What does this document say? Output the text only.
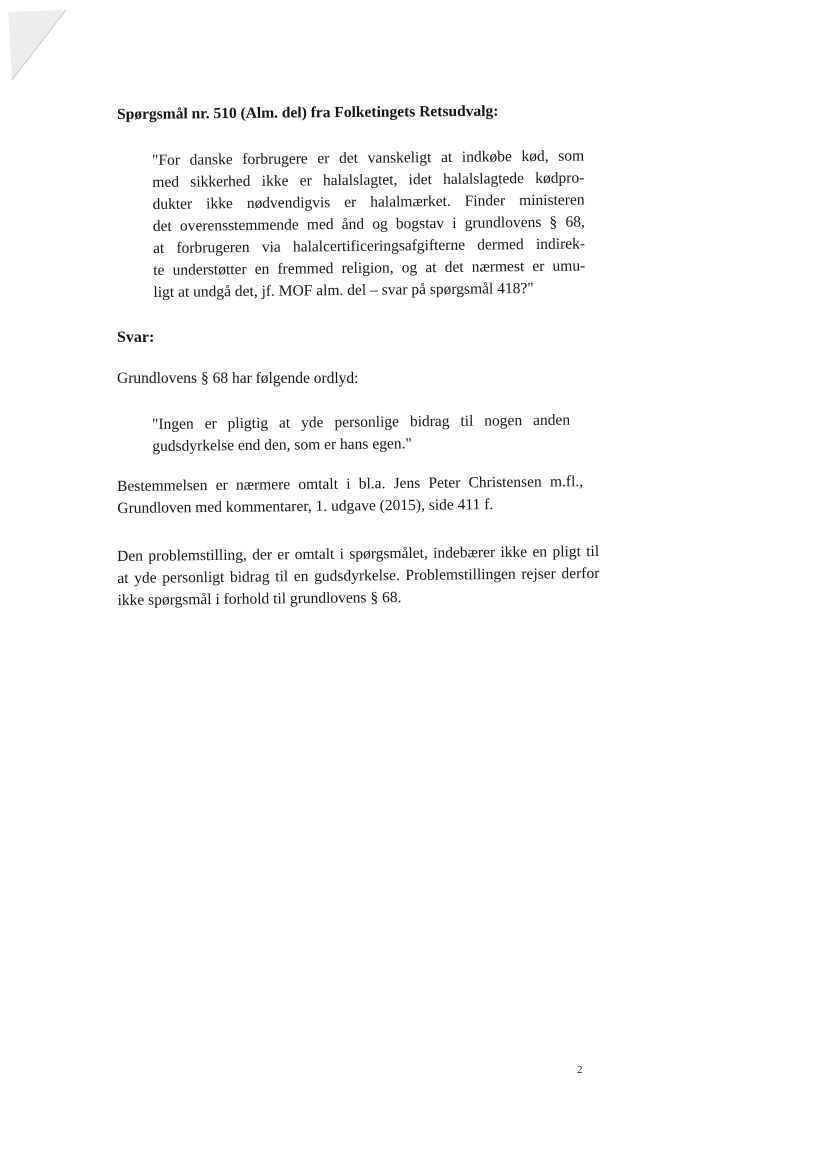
Spørgsmål nr. 510 (Alm. del) fra Folketingets Retsudvalg:

"For danske forbrugere er det vanskeligt at indkøbe kød, som
med sikkerhed ikke er halalslagtet, idet halalslagtede kødpro-
dukter ikke nødvendigvis er halalmærket. Finder ministeren
det overensstemmende med ånd og bogstav i grundlovens § 68,
at forbrugeren via halalcertificeringsafgifterne dermed indirek-
te understøtter en fremmed religion, og at det nærmest er umu-
ligt at undgå det, jf. MOF alm. del – svar på spørgsmål 418?"

Svar:

Grundlovens § 68 har følgende ordlyd:

"Ingen er pligtig at yde personlige bidrag til nogen anden
gudsdyrkelse end den, som er hans egen."
Bestemmelsen er nærmere omtalt i bl.a. Jens Peter Christensen m.fl.,
Grundloven med kommentarer, 1. udgave (2015), side 411 f.
Den problemstilling, der er omtalt i spørgsmålet, indebærer ikke en pligt til
at yde personligt bidrag til en gudsdyrkelse. Problemstillingen rejser derfor
ikke spørgsmål i forhold til grundlovens § 68.
2
